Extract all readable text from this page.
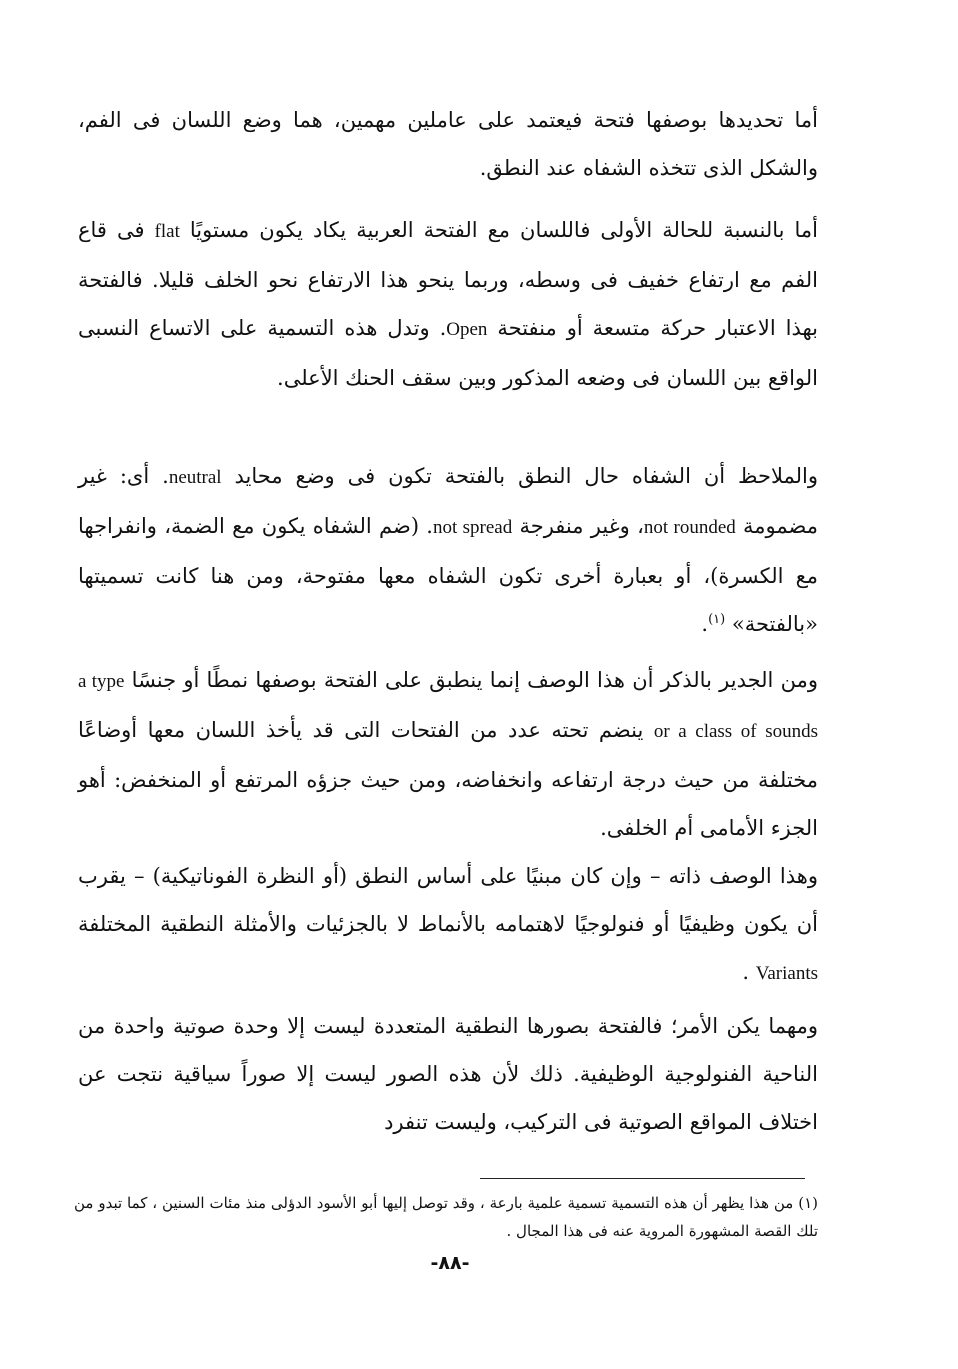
أما تحديدها بوصفها فتحة فيعتمد على عاملين مهمين، هما وضع اللسان فى الفم، والشكل الذى تتخذه الشفاه عند النطق.

أما بالنسبة للحالة الأولى فاللسان مع الفتحة العربية يكاد يكون مستويًا flat فى قاع الفم مع ارتفاع خفيف فى وسطه، وربما ينحو هذا الارتفاع نحو الخلف قليلا. فالفتحة بهذا الاعتبار حركة متسعة أو منفتحة Open. وتدل هذه التسمية على الاتساع النسبى الواقع بين اللسان فى وضعه المذكور وبين سقف الحنك الأعلى.

والملاحظ أن الشفاه حال النطق بالفتحة تكون فى وضع محايد neutral. أى: غير مضمومة not rounded، وغير منفرجة not spread. (ضم الشفاه يكون مع الضمة، وانفراجها مع الكسرة)، أو بعبارة أخرى تكون الشفاه معها مفتوحة، ومن هنا كانت تسميتها «بالفتحة» $^{(١)}$.

ومن الجدير بالذكر أن هذا الوصف إنما ينطبق على الفتحة بوصفها نمطًا أو جنسًا a type or a class of sounds ينضم تحته عدد من الفتحات التى قد يأخذ اللسان معها أوضاعًا مختلفة من حيث درجة ارتفاعه وانخفاضه، ومن حيث جزؤه المرتفع أو المنخفض: أهو الجزء الأمامى أم الخلفى.

وهذا الوصف ذاته – وإن كان مبنيًا على أساس النطق (أو النظرة الفوناتيكية) – يقرب أن يكون وظيفيًا أو فنولوجيًا لاهتمامه بالأنماط لا بالجزئيات والأمثلة النطقية المختلفة Variants .

ومهما يكن الأمر؛ فالفتحة بصورها النطقية المتعددة ليست إلا وحدة صوتية واحدة من الناحية الفنولوجية الوظيفية. ذلك لأن هذه الصور ليست إلا صوراً سياقية نتجت عن اختلاف المواقع الصوتية فى التركيب، وليست تنفرد

(١) من هذا يظهر أن هذه التسمية تسمية علمية بارعة ، وقد توصل إليها أبو الأسود الدؤلى منذ مئات السنين ، كما تبدو من تلك القصة المشهورة المروية عنه فى هذا المجال .
-٨٨-
